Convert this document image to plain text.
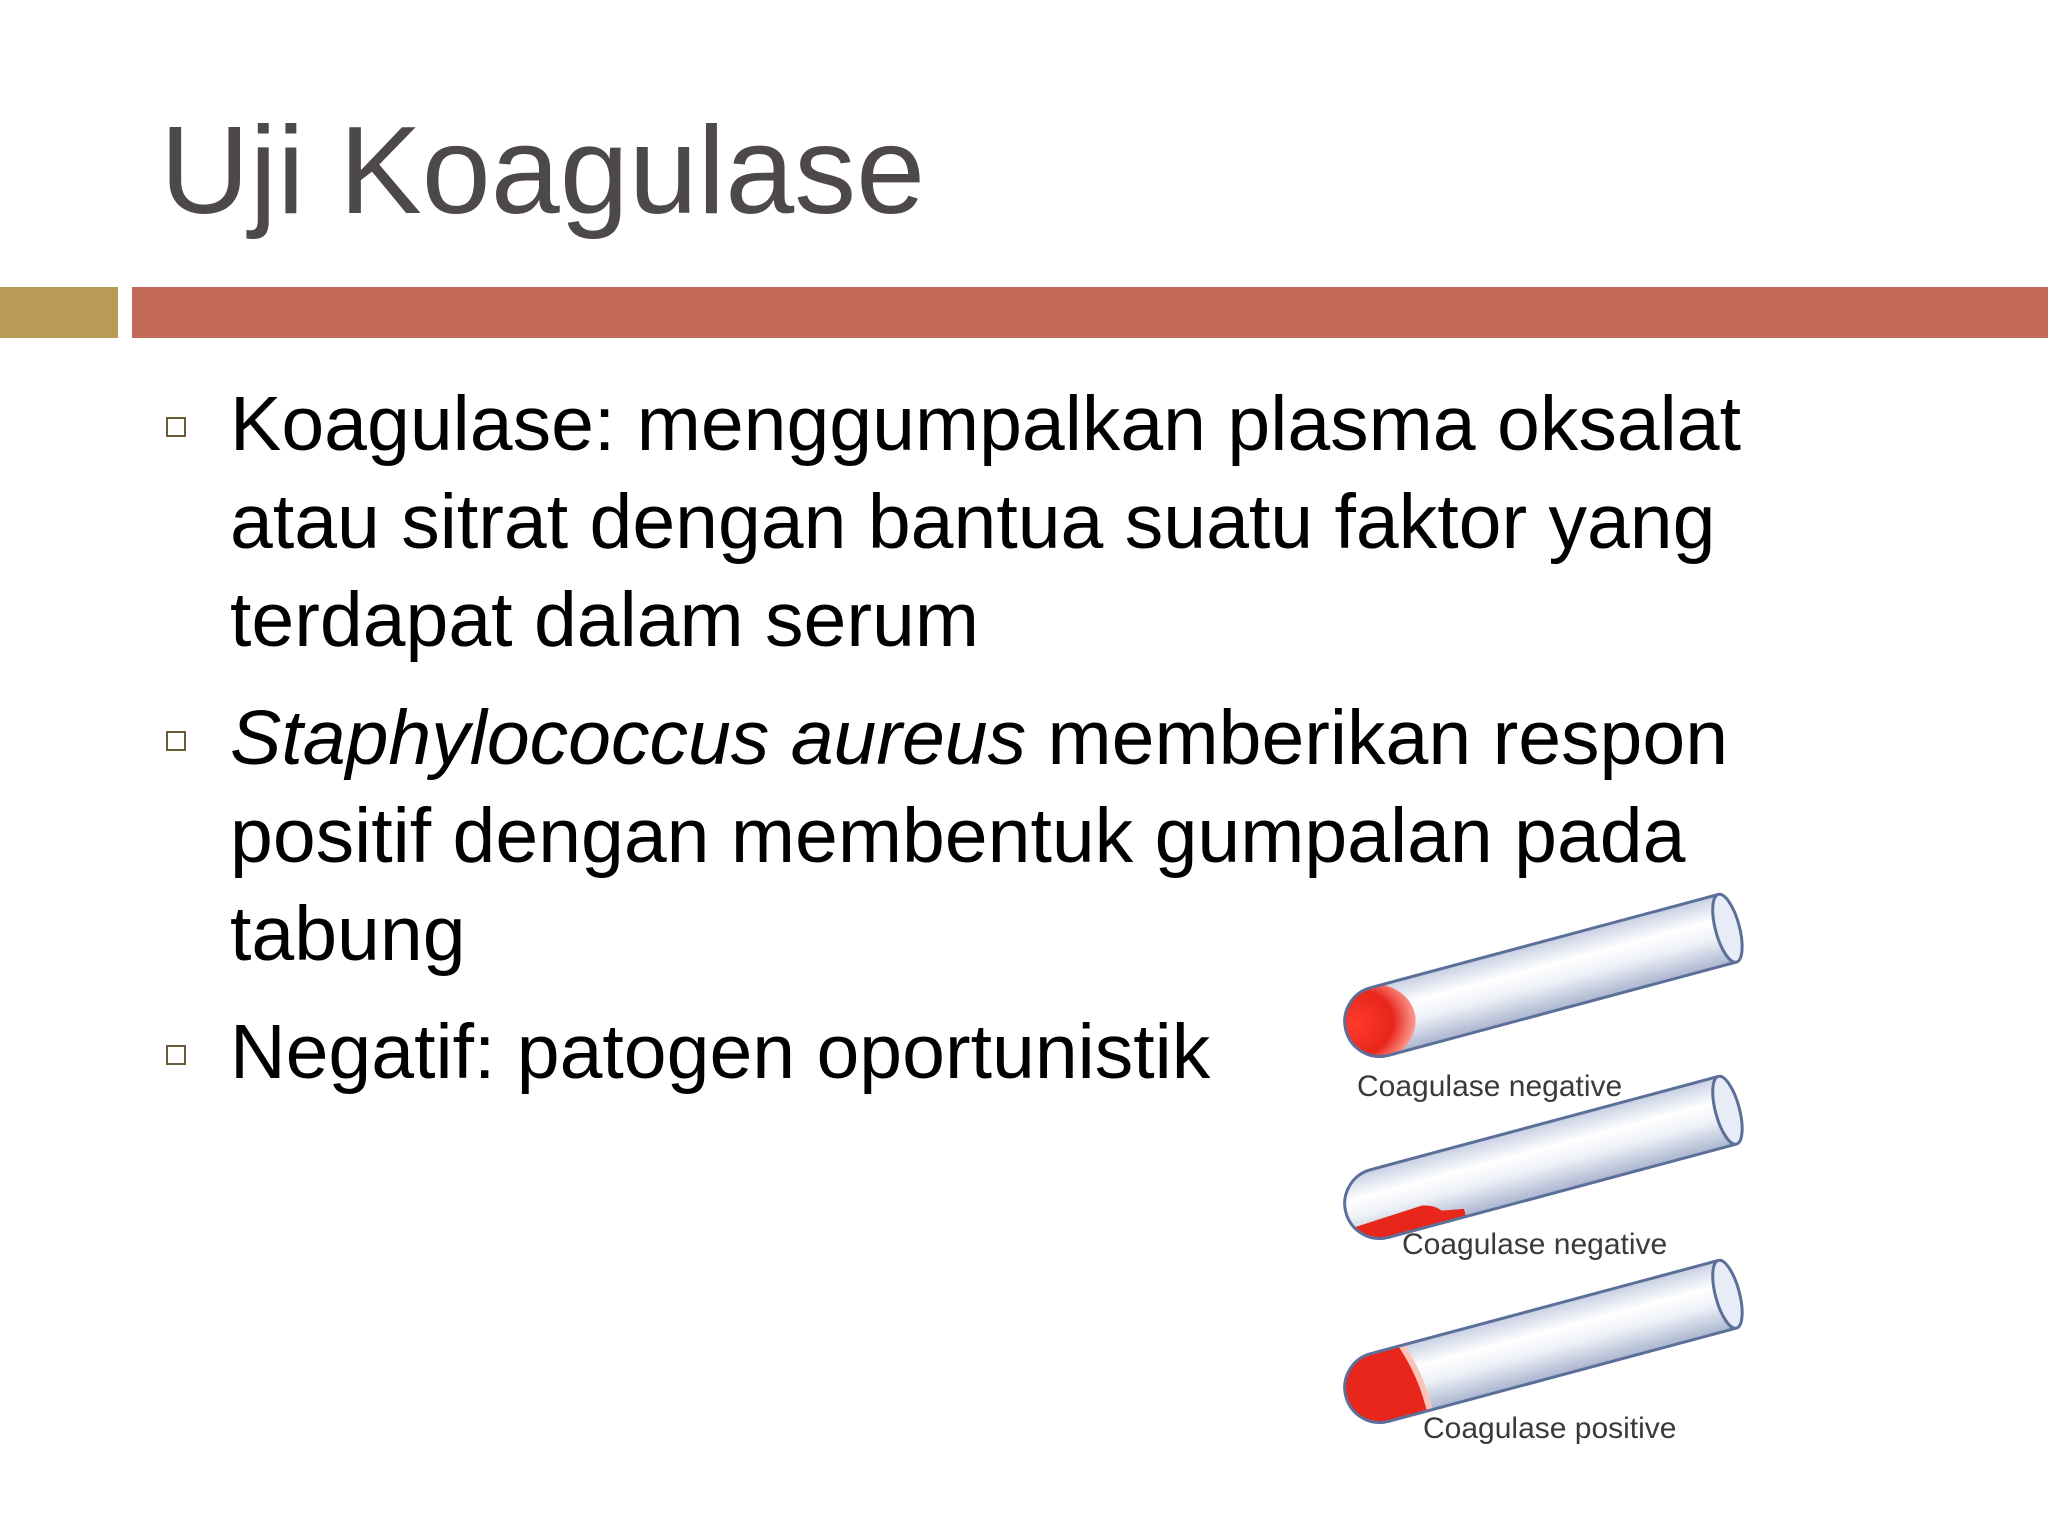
Uji Koagulase
Koagulase: menggumpalkan plasma oksalat atau sitrat dengan bantua suatu faktor yang terdapat dalam serum
Staphylococcus aureus memberikan respon positif dengan membentuk gumpalan pada tabung
Negatif: patogen oportunistik	Coagulase negative
Coagulase negative
Coagulase positive
